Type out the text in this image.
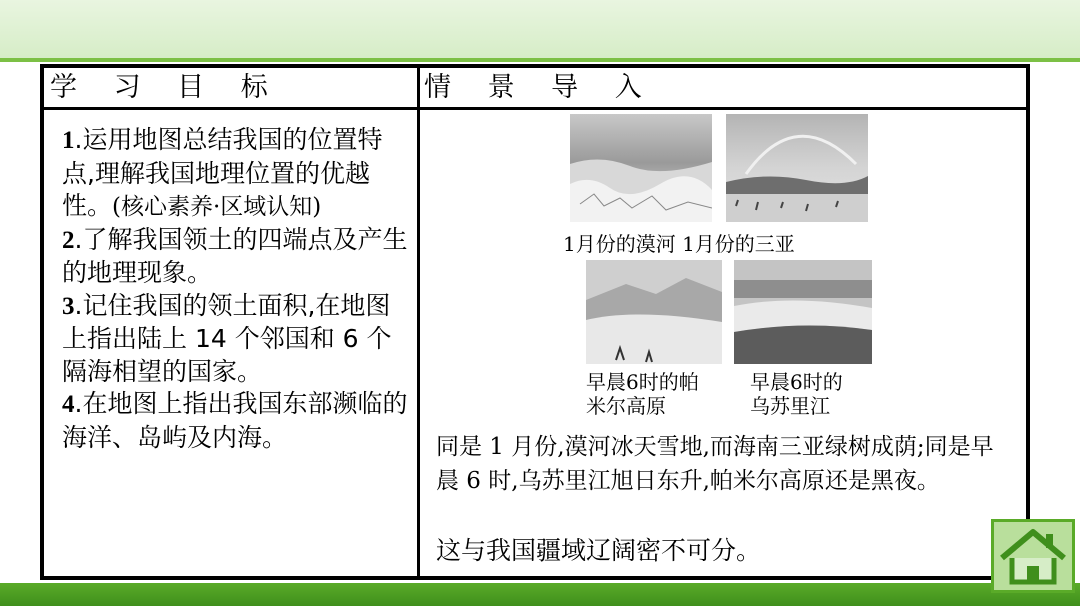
学 习 目 标	情 景 导 入
1.运用地图总结我国的位置特点,理解我国地理位置的优越性。(核心素养·区域认知)
2.了解我国领土的四端点及产生的地理现象。
3.记住我国的领土面积,在地图上指出陆上 14 个邻国和 6 个隔海相望的国家。
4.在地图上指出我国东部濒临的海洋、岛屿及内海。
1月份的漠河 1月份的三亚
早晨6时的帕
米尔高原
早晨6时的
乌苏里江
同是 1 月份,漠河冰天雪地,而海南三亚绿树成荫;同是早晨 6 时,乌苏里江旭日东升,帕米尔高原还是黑夜。
这与我国疆域辽阔密不可分。
